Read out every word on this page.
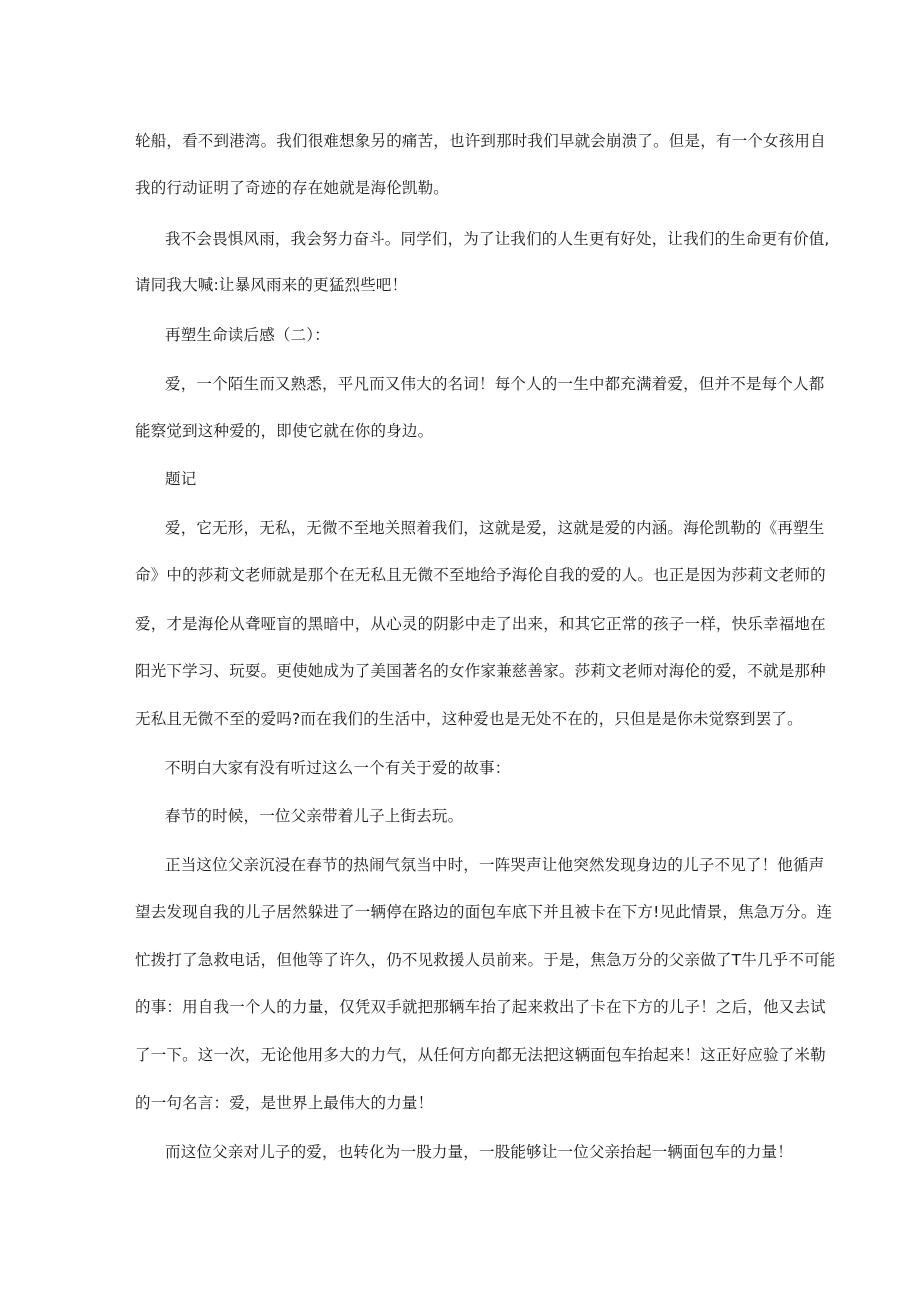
轮船，看不到港湾。我们很难想象另的痛苦，也许到那时我们早就会崩溃了。但是，有一个女孩用自
我的行动证明了奇迹的存在她就是海伦凯勒。
我不会畏惧风雨，我会努力奋斗。同学们，为了让我们的人生更有好处，让我们的生命更有价值,
请同我大喊:让暴风雨来的更猛烈些吧！
再塑生命读后感（二）：
爱，一个陌生而又熟悉，平凡而又伟大的名词！每个人的一生中都充满着爱，但并不是每个人都
能察觉到这种爱的，即使它就在你的身边。
题记
爱，它无形，无私，无微不至地关照着我们，这就是爱，这就是爱的内涵。海伦凯勒的《再塑生
命》中的莎莉文老师就是那个在无私且无微不至地给予海伦自我的爱的人。也正是因为莎莉文老师的
爱，才是海伦从聋哑盲的黑暗中，从心灵的阴影中走了出来，和其它正常的孩子一样，快乐幸福地在
阳光下学习、玩耍。更使她成为了美国著名的女作家兼慈善家。莎莉文老师对海伦的爱，不就是那种
无私且无微不至的爱吗?而在我们的生活中，这种爱也是无处不在的，只但是是你未觉察到罢了。
不明白大家有没有听过这么一个有关于爱的故事：
春节的时候，一位父亲带着儿子上街去玩。
正当这位父亲沉浸在春节的热闹气氛当中时，一阵哭声让他突然发现身边的儿子不见了！他循声
望去发现自我的儿子居然躲进了一辆停在路边的面包车底下并且被卡在下方!见此情景，焦急万分。连
忙拨打了急救电话，但他等了许久，仍不见救援人员前来。于是，焦急万分的父亲做了T牛几乎不可能
的事：用自我一个人的力量，仅凭双手就把那辆车抬了起来救出了卡在下方的儿子！之后，他又去试
了一下。这一次，无论他用多大的力气，从任何方向都无法把这辆面包车抬起来！这正好应验了米勒
的一句名言：爱，是世界上最伟大的力量！
而这位父亲对儿子的爱，也转化为一股力量，一股能够让一位父亲抬起一辆面包车的力量！
